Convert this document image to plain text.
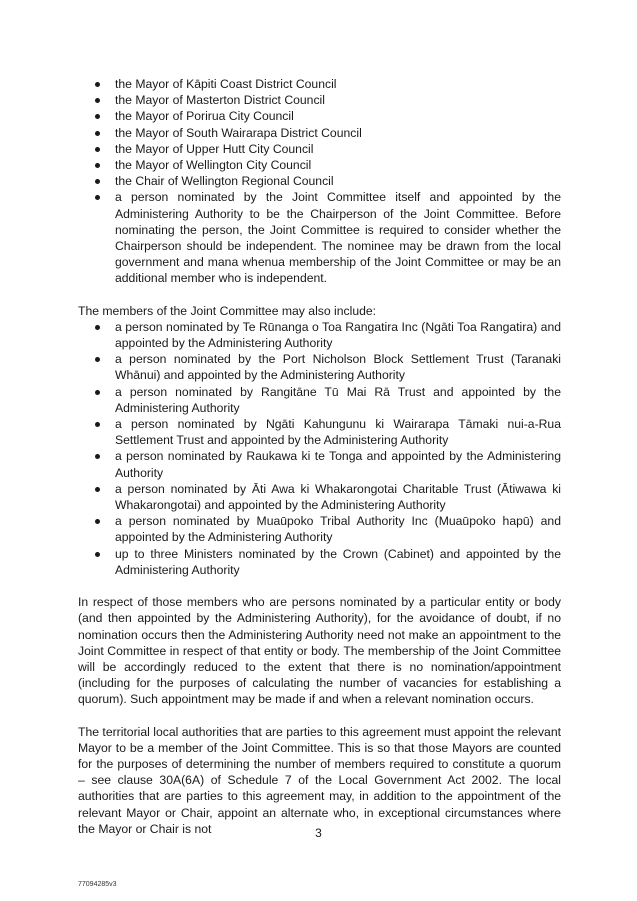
the Mayor of Kāpiti Coast District Council
the Mayor of Masterton District Council
the Mayor of Porirua City Council
the Mayor of South Wairarapa District Council
the Mayor of Upper Hutt City Council
the Mayor of Wellington City Council
the Chair of Wellington Regional Council
a person nominated by the Joint Committee itself and appointed by the Administering Authority to be the Chairperson of the Joint Committee. Before nominating the person, the Joint Committee is required to consider whether the Chairperson should be independent. The nominee may be drawn from the local government and mana whenua membership of the Joint Committee or may be an additional member who is independent.

The members of the Joint Committee may also include:

a person nominated by Te Rūnanga o Toa Rangatira Inc (Ngāti Toa Rangatira) and appointed by the Administering Authority
a person nominated by the Port Nicholson Block Settlement Trust (Taranaki Whānui) and appointed by the Administering Authority
a person nominated by Rangitāne Tū Mai Rā Trust and appointed by the Administering Authority
a person nominated by Ngāti Kahungunu ki Wairarapa Tāmaki nui-a-Rua Settlement Trust and appointed by the Administering Authority
a person nominated by Raukawa ki te Tonga and appointed by the Administering Authority
a person nominated by Āti Awa ki Whakarongotai Charitable Trust (Ātiwawa ki Whakarongotai) and appointed by the Administering Authority
a person nominated by Muaūpoko Tribal Authority Inc (Muaūpoko hapū) and appointed by the Administering Authority
up to three Ministers nominated by the Crown (Cabinet) and appointed by the Administering Authority

In respect of those members who are persons nominated by a particular entity or body (and then appointed by the Administering Authority), for the avoidance of doubt, if no nomination occurs then the Administering Authority need not make an appointment to the Joint Committee in respect of that entity or body. The membership of the Joint Committee will be accordingly reduced to the extent that there is no nomination/appointment (including for the purposes of calculating the number of vacancies for establishing a quorum). Such appointment may be made if and when a relevant nomination occurs.

The territorial local authorities that are parties to this agreement must appoint the relevant Mayor to be a member of the Joint Committee. This is so that those Mayors are counted for the purposes of determining the number of members required to constitute a quorum – see clause 30A(6A) of Schedule 7 of the Local Government Act 2002. The local authorities that are parties to this agreement may, in addition to the appointment of the relevant Mayor or Chair, appoint an alternate who, in exceptional circumstances where the Mayor or Chair is not	3
77094285v3
